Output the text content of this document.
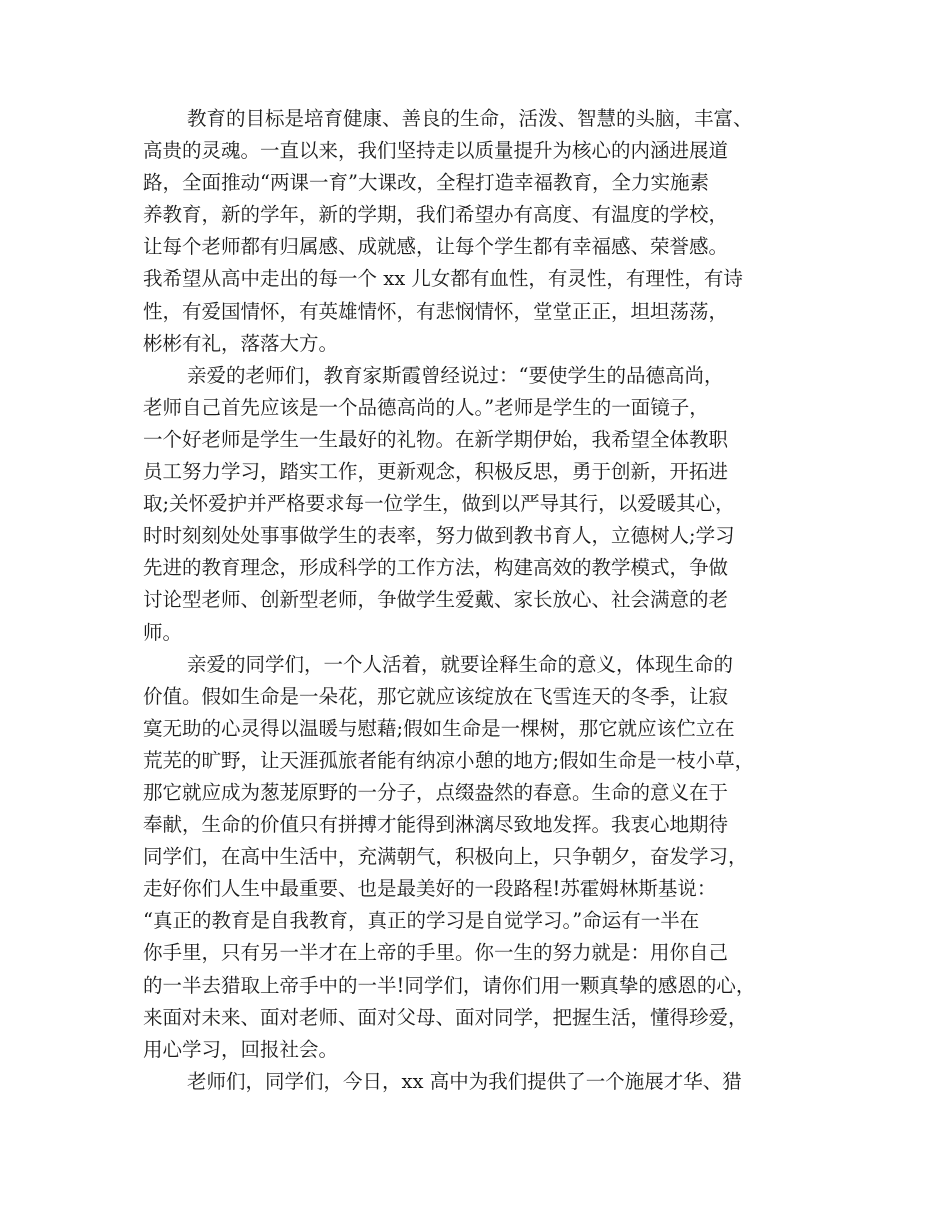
教育的目标是培育健康、善良的生命，活泼、智慧的头脑，丰富、
高贵的灵魂。一直以来，我们坚持走以质量提升为核心的内涵进展道
路，全面推动“两课一育”大课改，全程打造幸福教育，全力实施素
养教育，新的学年，新的学期，我们希望办有高度、有温度的学校，
让每个老师都有归属感、成就感，让每个学生都有幸福感、荣誉感。
我希望从高中走出的每一个 xx 儿女都有血性，有灵性，有理性，有诗
性，有爱国情怀，有英雄情怀，有悲悯情怀，堂堂正正，坦坦荡荡，
彬彬有礼，落落大方。
亲爱的老师们，教育家斯霞曾经说过：“要使学生的品德高尚，
老师自己首先应该是一个品德高尚的人。”老师是学生的一面镜子，
一个好老师是学生一生最好的礼物。在新学期伊始，我希望全体教职
员工努力学习，踏实工作，更新观念，积极反思，勇于创新，开拓进
取;关怀爱护并严格要求每一位学生，做到以严导其行，以爱暖其心，
时时刻刻处处事事做学生的表率，努力做到教书育人，立德树人;学习
先进的教育理念，形成科学的工作方法，构建高效的教学模式，争做
讨论型老师、创新型老师，争做学生爱戴、家长放心、社会满意的老
师。
亲爱的同学们，一个人活着，就要诠释生命的意义，体现生命的
价值。假如生命是一朵花，那它就应该绽放在飞雪连天的冬季，让寂
寞无助的心灵得以温暖与慰藉;假如生命是一棵树，那它就应该伫立在
荒芜的旷野，让天涯孤旅者能有纳凉小憩的地方;假如生命是一枝小草，
那它就应成为葱茏原野的一分子，点缀盎然的春意。生命的意义在于
奉献，生命的价值只有拼搏才能得到淋漓尽致地发挥。我衷心地期待
同学们，在高中生活中，充满朝气，积极向上，只争朝夕，奋发学习，
走好你们人生中最重要、也是最美好的一段路程!苏霍姆林斯基说：
“真正的教育是自我教育，真正的学习是自觉学习。”命运有一半在
你手里，只有另一半才在上帝的手里。你一生的努力就是：用你自己
的一半去猎取上帝手中的一半!同学们，请你们用一颗真挚的感恩的心，
来面对未来、面对老师、面对父母、面对同学，把握生活，懂得珍爱，
用心学习，回报社会。
老师们，同学们，今日，xx 高中为我们提供了一个施展才华、猎
